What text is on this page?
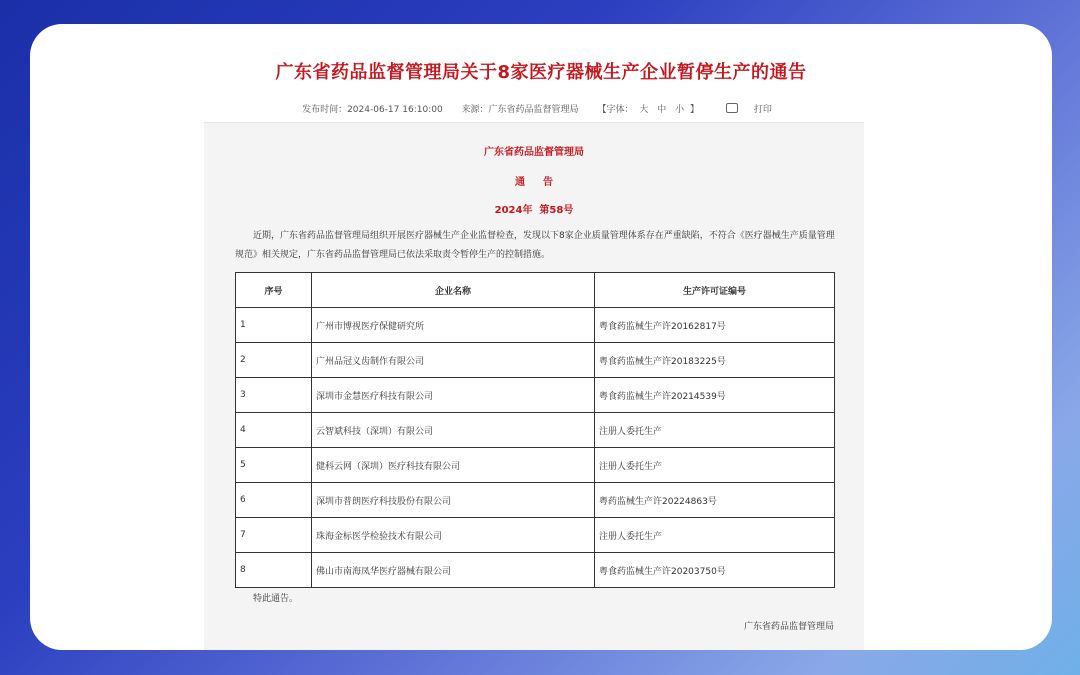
广东省药品监督管理局关于8家医疗器械生产企业暂停生产的通告
发布时间：2024-06-17 16:10:00 来源：广东省药品监督管理局 【字体： 大 中 小 】	打印
广东省药品监督管理局
通告
2024年  第58号
近期，广东省药品监督管理局组织开展医疗器械生产企业监督检查，发现以下8家企业质量管理体系存在严重缺陷，不符合《医疗器械生产质量管理规范》相关规定，广东省药品监督管理局已依法采取责令暂停生产的控制措施。
序号	企业名称	生产许可证编号
1	广州市博视医疗保健研究所	粤食药监械生产许20162817号
2	广州品冠义齿制作有限公司	粤食药监械生产许20183225号
3	深圳市金慧医疗科技有限公司	粤食药监械生产许20214539号
4	云智斌科技（深圳）有限公司	注册人委托生产
5	健科云网（深圳）医疗科技有限公司	注册人委托生产
6	深圳市普朗医疗科技股份有限公司	粤药监械生产许20224863号
7	珠海金标医学检验技术有限公司	注册人委托生产
8	佛山市南海凤华医疗器械有限公司	粤食药监械生产许20203750号
特此通告。
广东省药品监督管理局
